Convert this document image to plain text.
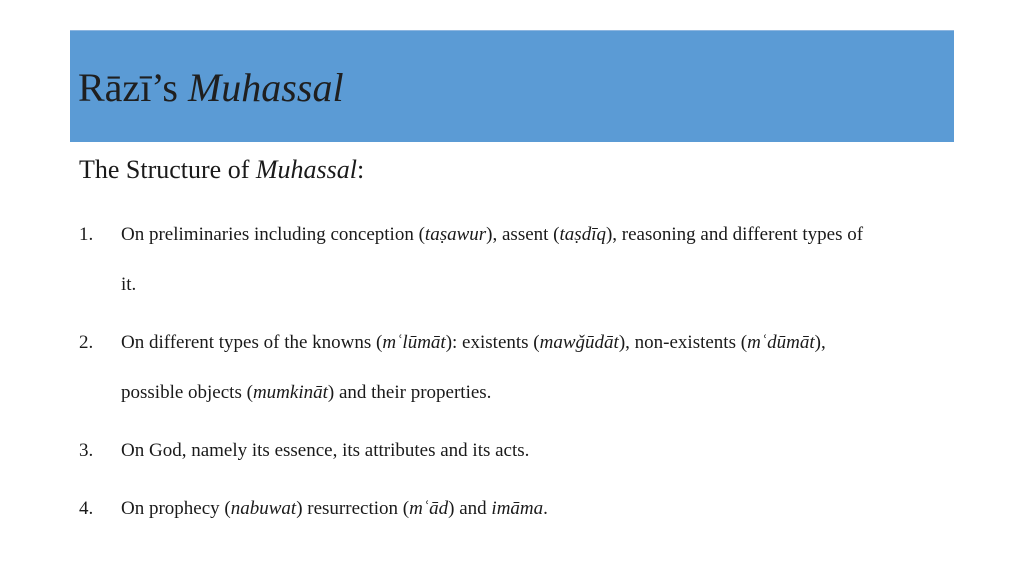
Rāzī’s Muhassal
The Structure of Muhassal:
1. On preliminaries including conception (taṣawur), assent (taṣdīq), reasoning and different types of
it.
2. On different types of the knowns (mʿlūmāt): existents (mawǧūdāt), non-existents (mʿdūmāt),
possible objects (mumkināt) and their properties.
3. On God, namely its essence, its attributes and its acts.
4. On prophecy (nabuwat) resurrection (mʿād) and imāma.
